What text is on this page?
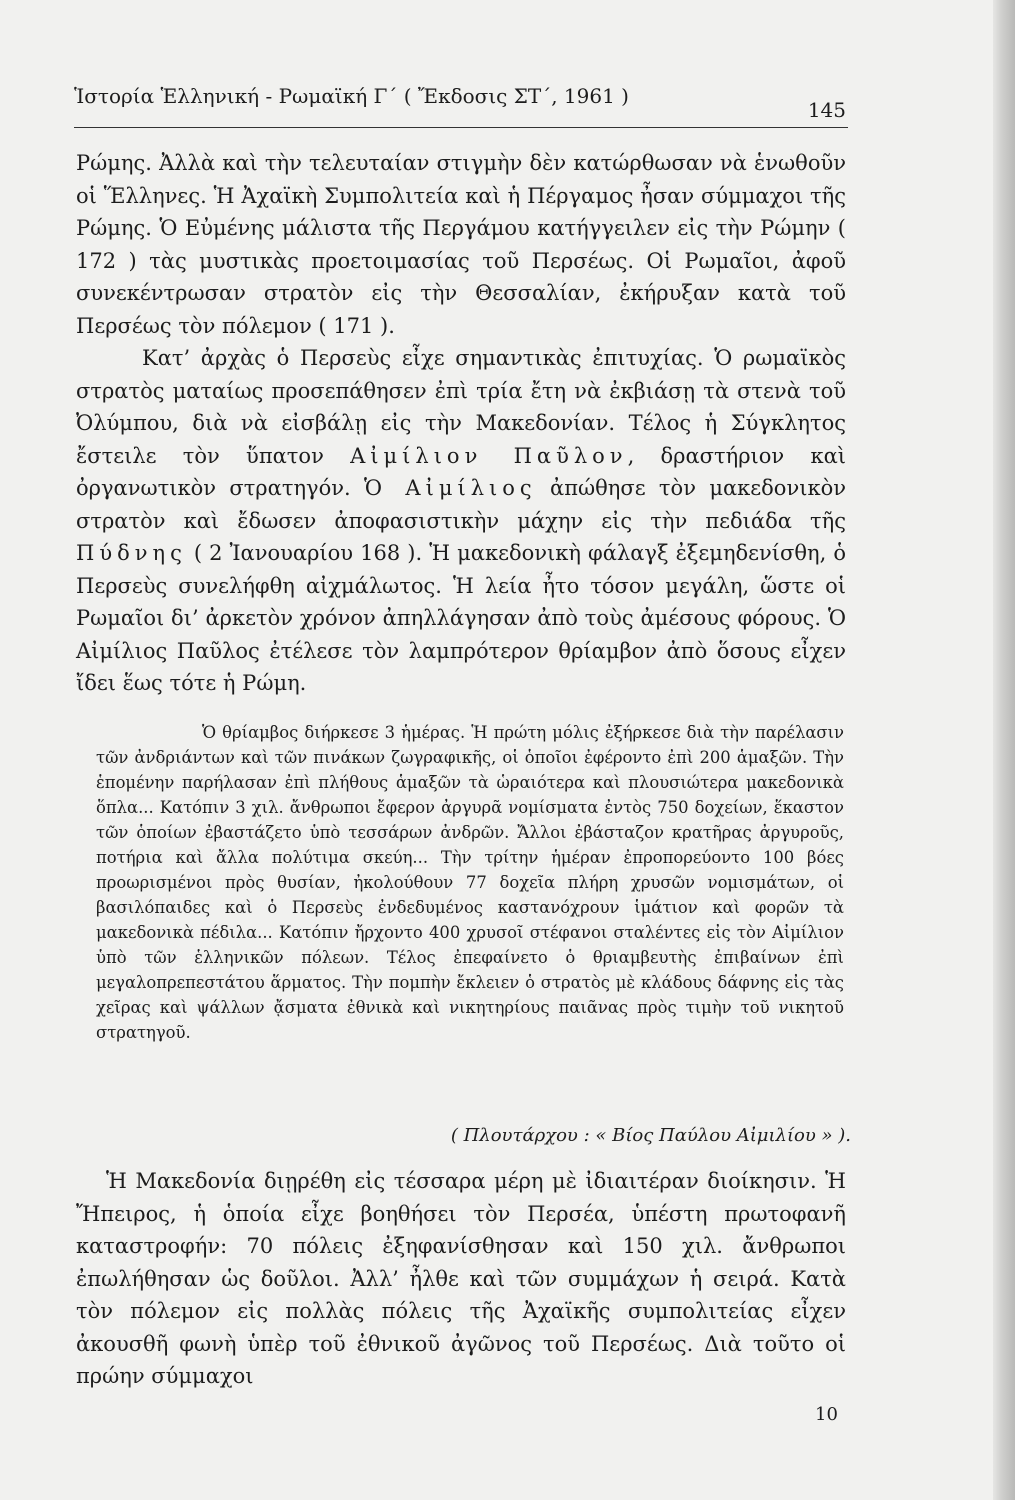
Ἱστορία Ἑλληνική - Ρωμαϊκή Γ΄ ( Ἔκδοσις ΣΤ΄, 1961 )
145

Ρώμης. Ἀλλὰ καὶ τὴν τελευταίαν στιγμὴν δὲν κατώρθωσαν νὰ ἑνωθοῦν οἱ Ἕλληνες. Ἡ Ἀχαϊκὴ Συμπολιτεία καὶ ἡ Πέργαμος ἦσαν σύμμαχοι τῆς Ρώμης. Ὁ Εὐμένης μάλιστα τῆς Περγάμου κατήγγειλεν εἰς τὴν Ρώμην ( 172 ) τὰς μυστικὰς προετοιμασίας τοῦ Περσέως. Οἱ Ρωμαῖοι, ἀφοῦ συνεκέντρωσαν στρατὸν εἰς τὴν Θεσσαλίαν, ἐκήρυξαν κατὰ τοῦ Περσέως τὸν πόλεμον ( 171 ).

Κατ’ ἀρχὰς ὁ Περσεὺς εἶχε σημαντικὰς ἐπιτυχίας. Ὁ ρωμαϊκὸς στρατὸς ματαίως προσεπάθησεν ἐπὶ τρία ἔτη νὰ ἐκβιάσῃ τὰ στενὰ τοῦ Ὀλύμπου, διὰ νὰ εἰσβάλῃ εἰς τὴν Μακεδονίαν. Τέλος ἡ Σύγκλητος ἔστειλε τὸν ὕπατον Αἰμίλιον Παῦλον, δραστήριον καὶ ὀργανωτικὸν στρατηγόν. Ὁ Αἰμίλιος ἀπώθησε τὸν μακεδονικὸν στρατὸν καὶ ἔδωσεν ἀποφασιστικὴν μάχην εἰς τὴν πεδιάδα τῆς Πύδνης ( 2 Ἰανουαρίου 168 ). Ἡ μακεδονικὴ φάλαγξ ἐξεμηδενίσθη, ὁ Περσεὺς συνελήφθη αἰχμάλωτος. Ἡ λεία ἦτο τόσον μεγάλη, ὥστε οἱ Ρωμαῖοι δι’ ἀρκετὸν χρόνον ἀπηλλάγησαν ἀπὸ τοὺς ἀμέσους φόρους. Ὁ Αἰμίλιος Παῦλος ἐτέλεσε τὸν λαμπρότερον θρίαμβον ἀπὸ ὅσους εἶχεν ἴδει ἕως τότε ἡ Ρώμη.

Ὁ θρίαμβος διήρκεσε 3 ἡμέρας. Ἡ πρώτη μόλις ἐξήρκεσε διὰ τὴν παρέλασιν τῶν ἀνδριάντων καὶ τῶν πινάκων ζωγραφικῆς, οἱ ὁποῖοι ἐφέροντο ἐπὶ 200 ἁμαξῶν. Τὴν ἑπομένην παρήλασαν ἐπὶ πλήθους ἁμαξῶν τὰ ὡραιότερα καὶ πλουσιώτερα μακεδονικὰ ὅπλα... Κατόπιν 3 χιλ. ἄνθρωποι ἔφερον ἀργυρᾶ νομίσματα ἐντὸς 750 δοχείων, ἕκαστον τῶν ὁποίων ἐβαστάζετο ὑπὸ τεσσάρων ἀνδρῶν. Ἄλλοι ἐβάσταζον κρατῆρας ἀργυροῦς, ποτήρια καὶ ἄλλα πολύτιμα σκεύη... Τὴν τρίτην ἡμέραν ἐπροπορεύοντο 100 βόες προωρισμένοι πρὸς θυσίαν, ἠκολούθουν 77 δοχεῖα πλήρη χρυσῶν νομισμάτων, οἱ βασιλόπαιδες καὶ ὁ Περσεὺς ἐνδεδυμένος καστανόχρουν ἱμάτιον καὶ φορῶν τὰ μακεδονικὰ πέδιλα... Κατόπιν ἤρχοντο 400 χρυσοῖ στέφανοι σταλέντες εἰς τὸν Αἰμίλιον ὑπὸ τῶν ἑλληνικῶν πόλεων. Τέλος ἐπεφαίνετο ὁ θριαμβευτὴς ἐπιβαίνων ἐπὶ μεγαλοπρεπεστάτου ἅρματος. Τὴν πομπὴν ἔκλειεν ὁ στρατὸς μὲ κλάδους δάφνης εἰς τὰς χεῖρας καὶ ψάλλων ᾄσματα ἐθνικὰ καὶ νικητηρίους παιᾶνας πρὸς τιμὴν τοῦ νικητοῦ στρατηγοῦ.

( Πλουτάρχου : « Βίος Παύλου Αἰμιλίου » ).

Ἡ Μακεδονία διῃρέθη εἰς τέσσαρα μέρη μὲ ἰδιαιτέραν διοίκησιν. Ἡ Ἤπειρος, ἡ ὁποία εἶχε βοηθήσει τὸν Περσέα, ὑπέστη πρωτοφανῆ καταστροφήν: 70 πόλεις ἐξηφανίσθησαν καὶ 150 χιλ. ἄνθρωποι ἐπωλήθησαν ὡς δοῦλοι. Ἀλλ’ ἦλθε καὶ τῶν συμμάχων ἡ σειρά. Κατὰ τὸν πόλεμον εἰς πολλὰς πόλεις τῆς Ἀχαϊκῆς συμπολιτείας εἶχεν ἀκουσθῆ φωνὴ ὑπὲρ τοῦ ἐθνικοῦ ἀγῶνος τοῦ Περσέως. Διὰ τοῦτο οἱ πρώην σύμμαχοι

10
